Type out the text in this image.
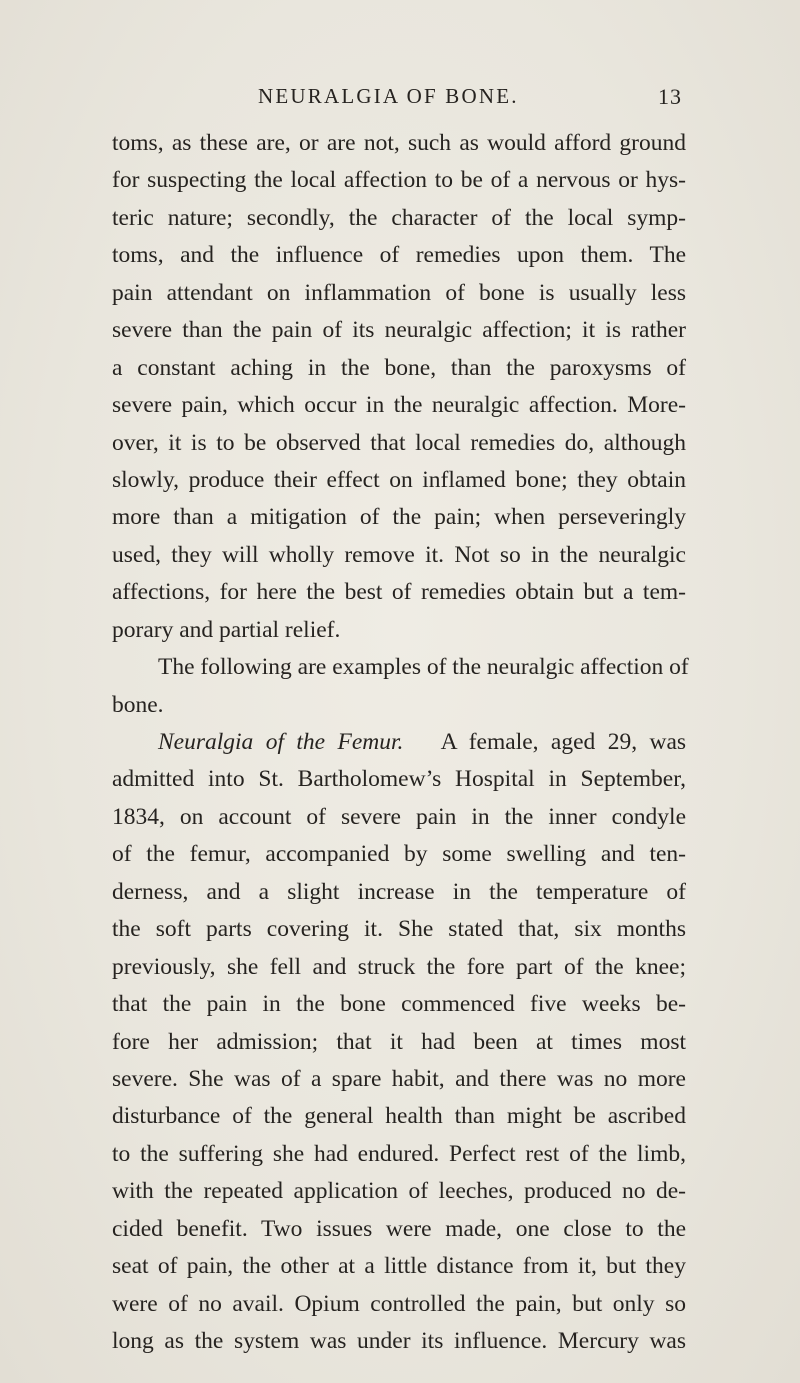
NEURALGIA OF BONE.	13
toms, as these are, or are not, such as would afford ground
for suspecting the local affection to be of a nervous or hys-
teric nature; secondly, the character of the local symp-
toms, and the influence of remedies upon them. The
pain attendant on inflammation of bone is usually less
severe than the pain of its neuralgic affection; it is rather
a constant aching in the bone, than the paroxysms of
severe pain, which occur in the neuralgic affection. More-
over, it is to be observed that local remedies do, although
slowly, produce their effect on inflamed bone; they obtain
more than a mitigation of the pain; when perseveringly
used, they will wholly remove it. Not so in the neuralgic
affections, for here the best of remedies obtain but a tem-
porary and partial relief.
The following are examples of the neuralgic affection of
bone.
Neuralgia of the Femur. A female, aged 29, was
admitted into St. Bartholomew’s Hospital in September,
1834, on account of severe pain in the inner condyle
of the femur, accompanied by some swelling and ten-
derness, and a slight increase in the temperature of
the soft parts covering it. She stated that, six months
previously, she fell and struck the fore part of the knee;
that the pain in the bone commenced five weeks be-
fore her admission; that it had been at times most
severe. She was of a spare habit, and there was no more
disturbance of the general health than might be ascribed
to the suffering she had endured. Perfect rest of the limb,
with the repeated application of leeches, produced no de-
cided benefit. Two issues were made, one close to the
seat of pain, the other at a little distance from it, but they
were of no avail. Opium controlled the pain, but only so
long as the system was under its influence. Mercury was
